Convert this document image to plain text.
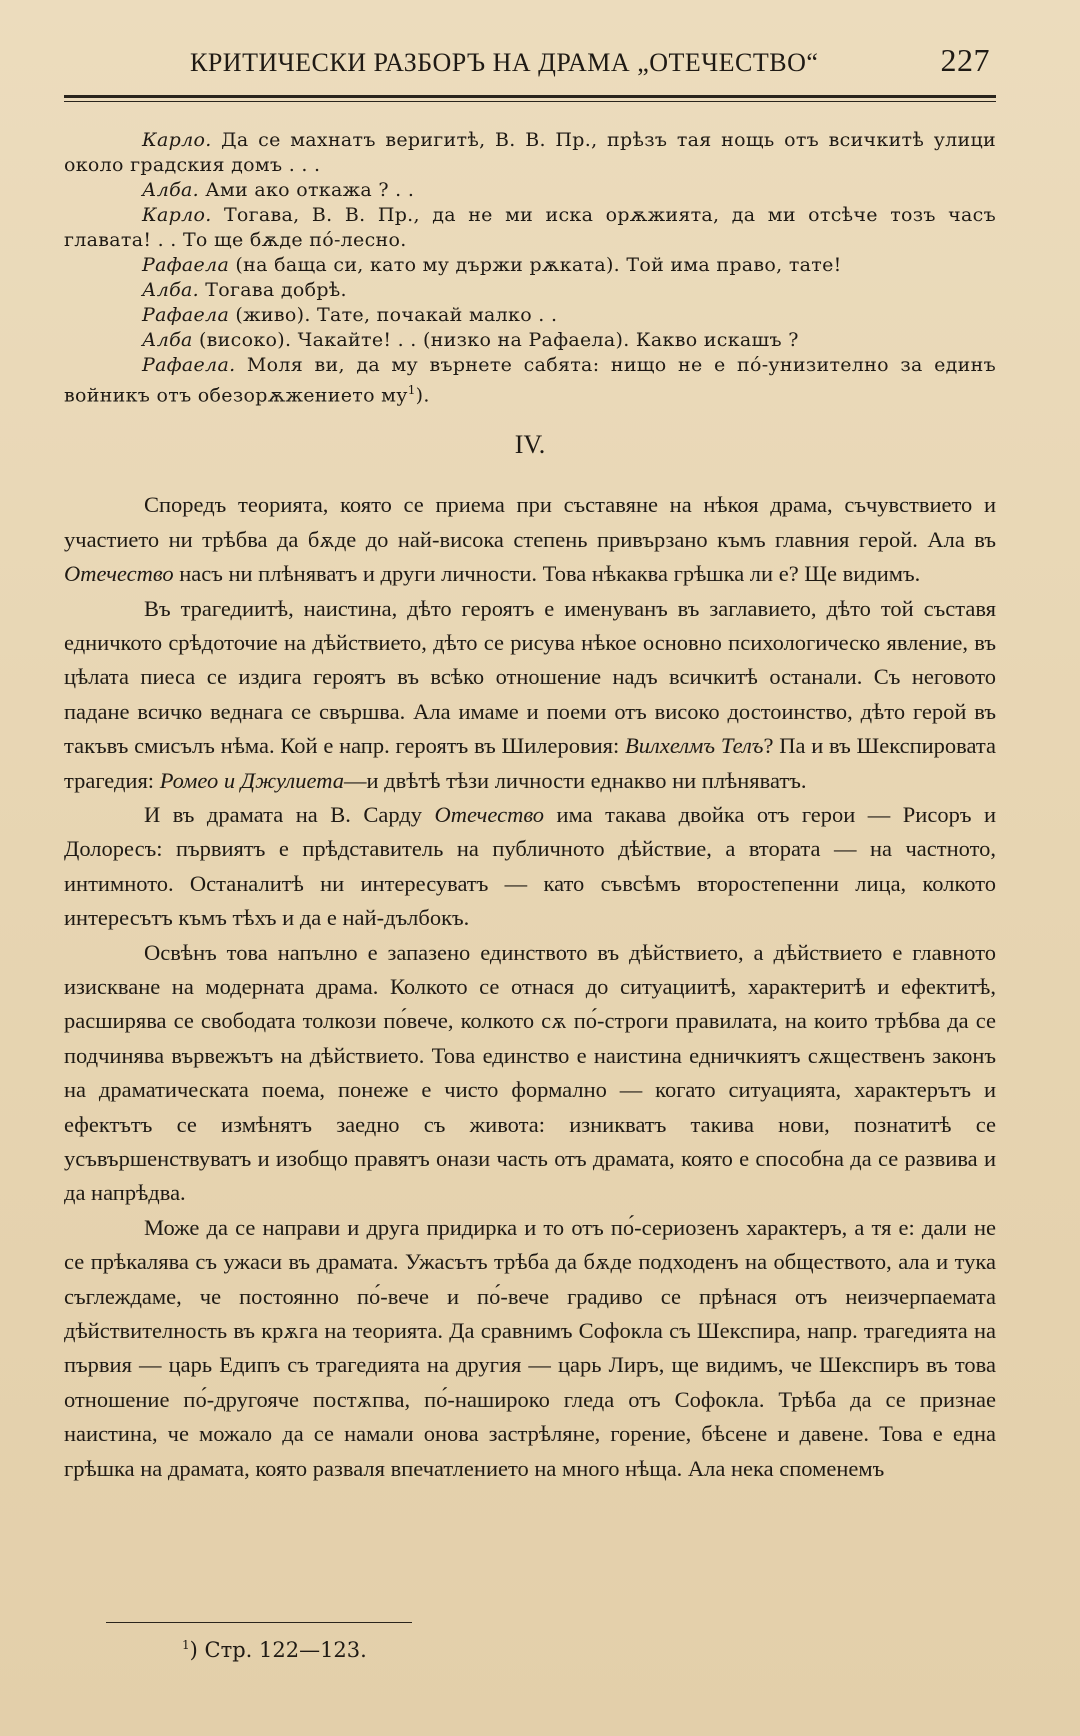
КРИТИЧЕСКИ РАЗБОРЪ НА ДРАМА „ОТЕЧЕСТВО“	227

Карло. Да се махнатъ веригитѣ, В. В. Пр., прѣзъ тая нощь отъ всичкитѣ улици около градския домъ . . .

Алба. Ами ако откажа ? . .

Карло. Тогава, В. В. Пр., да не ми иска орѫжията, да ми отсѣче тозъ часъ главата! . . То ще бѫде по́-лесно.

Рафаела (на баща си, като му държи рѫката). Той има право, тате!

Алба. Тогава добрѣ.

Рафаела (живо). Тате, почакай малко . .

Алба (високо). Чакайте! . . (низко на Рафаела). Какво искашъ ?

Рафаела. Моля ви, да му върнете сабята: нищо не е по́-унизително за единъ войникъ отъ обезорѫжението $му^1$).

IV.

Споредъ теорията, която се приема при съставяне на нѣкоя драма, съчувствието и участието ни трѣбва да бѫде до най-висока степень привързано къмъ главния герой. Ала въ Отечество насъ ни плѣняватъ и други личности. Това нѣкаква грѣшка ли е? Ще видимъ.

Въ трагедиитѣ, наистина, дѣто героятъ е именуванъ въ заглавието, дѣто той съставя едничкото срѣдоточие на дѣйствието, дѣто се рисува нѣкое основно психологическо явление, въ цѣлата пиеса се издига героятъ въ всѣко отношение надъ всичкитѣ останали. Съ неговото падане всичко веднага се свършва. Ала имаме и поеми отъ високо достоинство, дѣто герой въ такъвъ смисълъ нѣма. Кой е напр. героятъ въ Шилеровия: Вилхелмъ Телъ? Па и въ Шекспировата трагедия: Ромео и Джулиета—и двѣтѣ тѣзи личности еднакво ни плѣняватъ.

И въ драмата на В. Сарду Отечество има такава двойка отъ герои — Рисоръ и Долоресъ: първиятъ е прѣдставитель на публичното дѣйствие, а втората — на частното, интимното. Останалитѣ ни интересуватъ — като съвсѣмъ второстепенни лица, колкото интересътъ къмъ тѣхъ и да е най-дълбокъ.

Освѣнъ това напълно е запазено единството въ дѣйствието, а дѣйствието е главното изискване на модерната драма. Колкото се отнася до ситуациитѣ, характеритѣ и ефектитѣ, расширява се свободата толкози по́вече, колкото сѫ по́-строги правилата, на които трѣбва да се подчинява вървежътъ на дѣйствието. Това единство е наистина едничкиятъ сѫщественъ законъ на драматическата поема, понеже е чисто формално — когато ситуацията, характерътъ и ефектътъ се измѣнятъ заедно съ живота: изникватъ такива нови, познатитѣ се усъвършенствуватъ и изобщо правятъ онази часть отъ драмата, която е способна да се развива и да напрѣдва.

Може да се направи и друга придирка и то отъ по́-сериозенъ характеръ, а тя е: дали не се прѣкалява съ ужаси въ драмата. Ужасътъ трѣба да бѫде подходенъ на обществото, ала и тука съглеждаме, че постоянно по́-вече и по́-вече градиво се прѣнася отъ неизчерпаемата дѣйствителность въ крѫга на теорията. Да сравнимъ Софокла съ Шекспира, напр. трагедията на първия — царь Едипъ съ трагедията на другия — царь Лиръ, ще видимъ, че Шекспиръ въ това отношение по́-другояче постѫпва, по́-нашироко гледа отъ Софокла. Трѣба да се признае наистина, че можало да се намали онова застрѣляне, горение, бѣсене и давене. Това е една грѣшка на драмата, която разваля впечатлението на много нѣща. Ала нека споменемъ

$^1$) Стр. 122—123.
